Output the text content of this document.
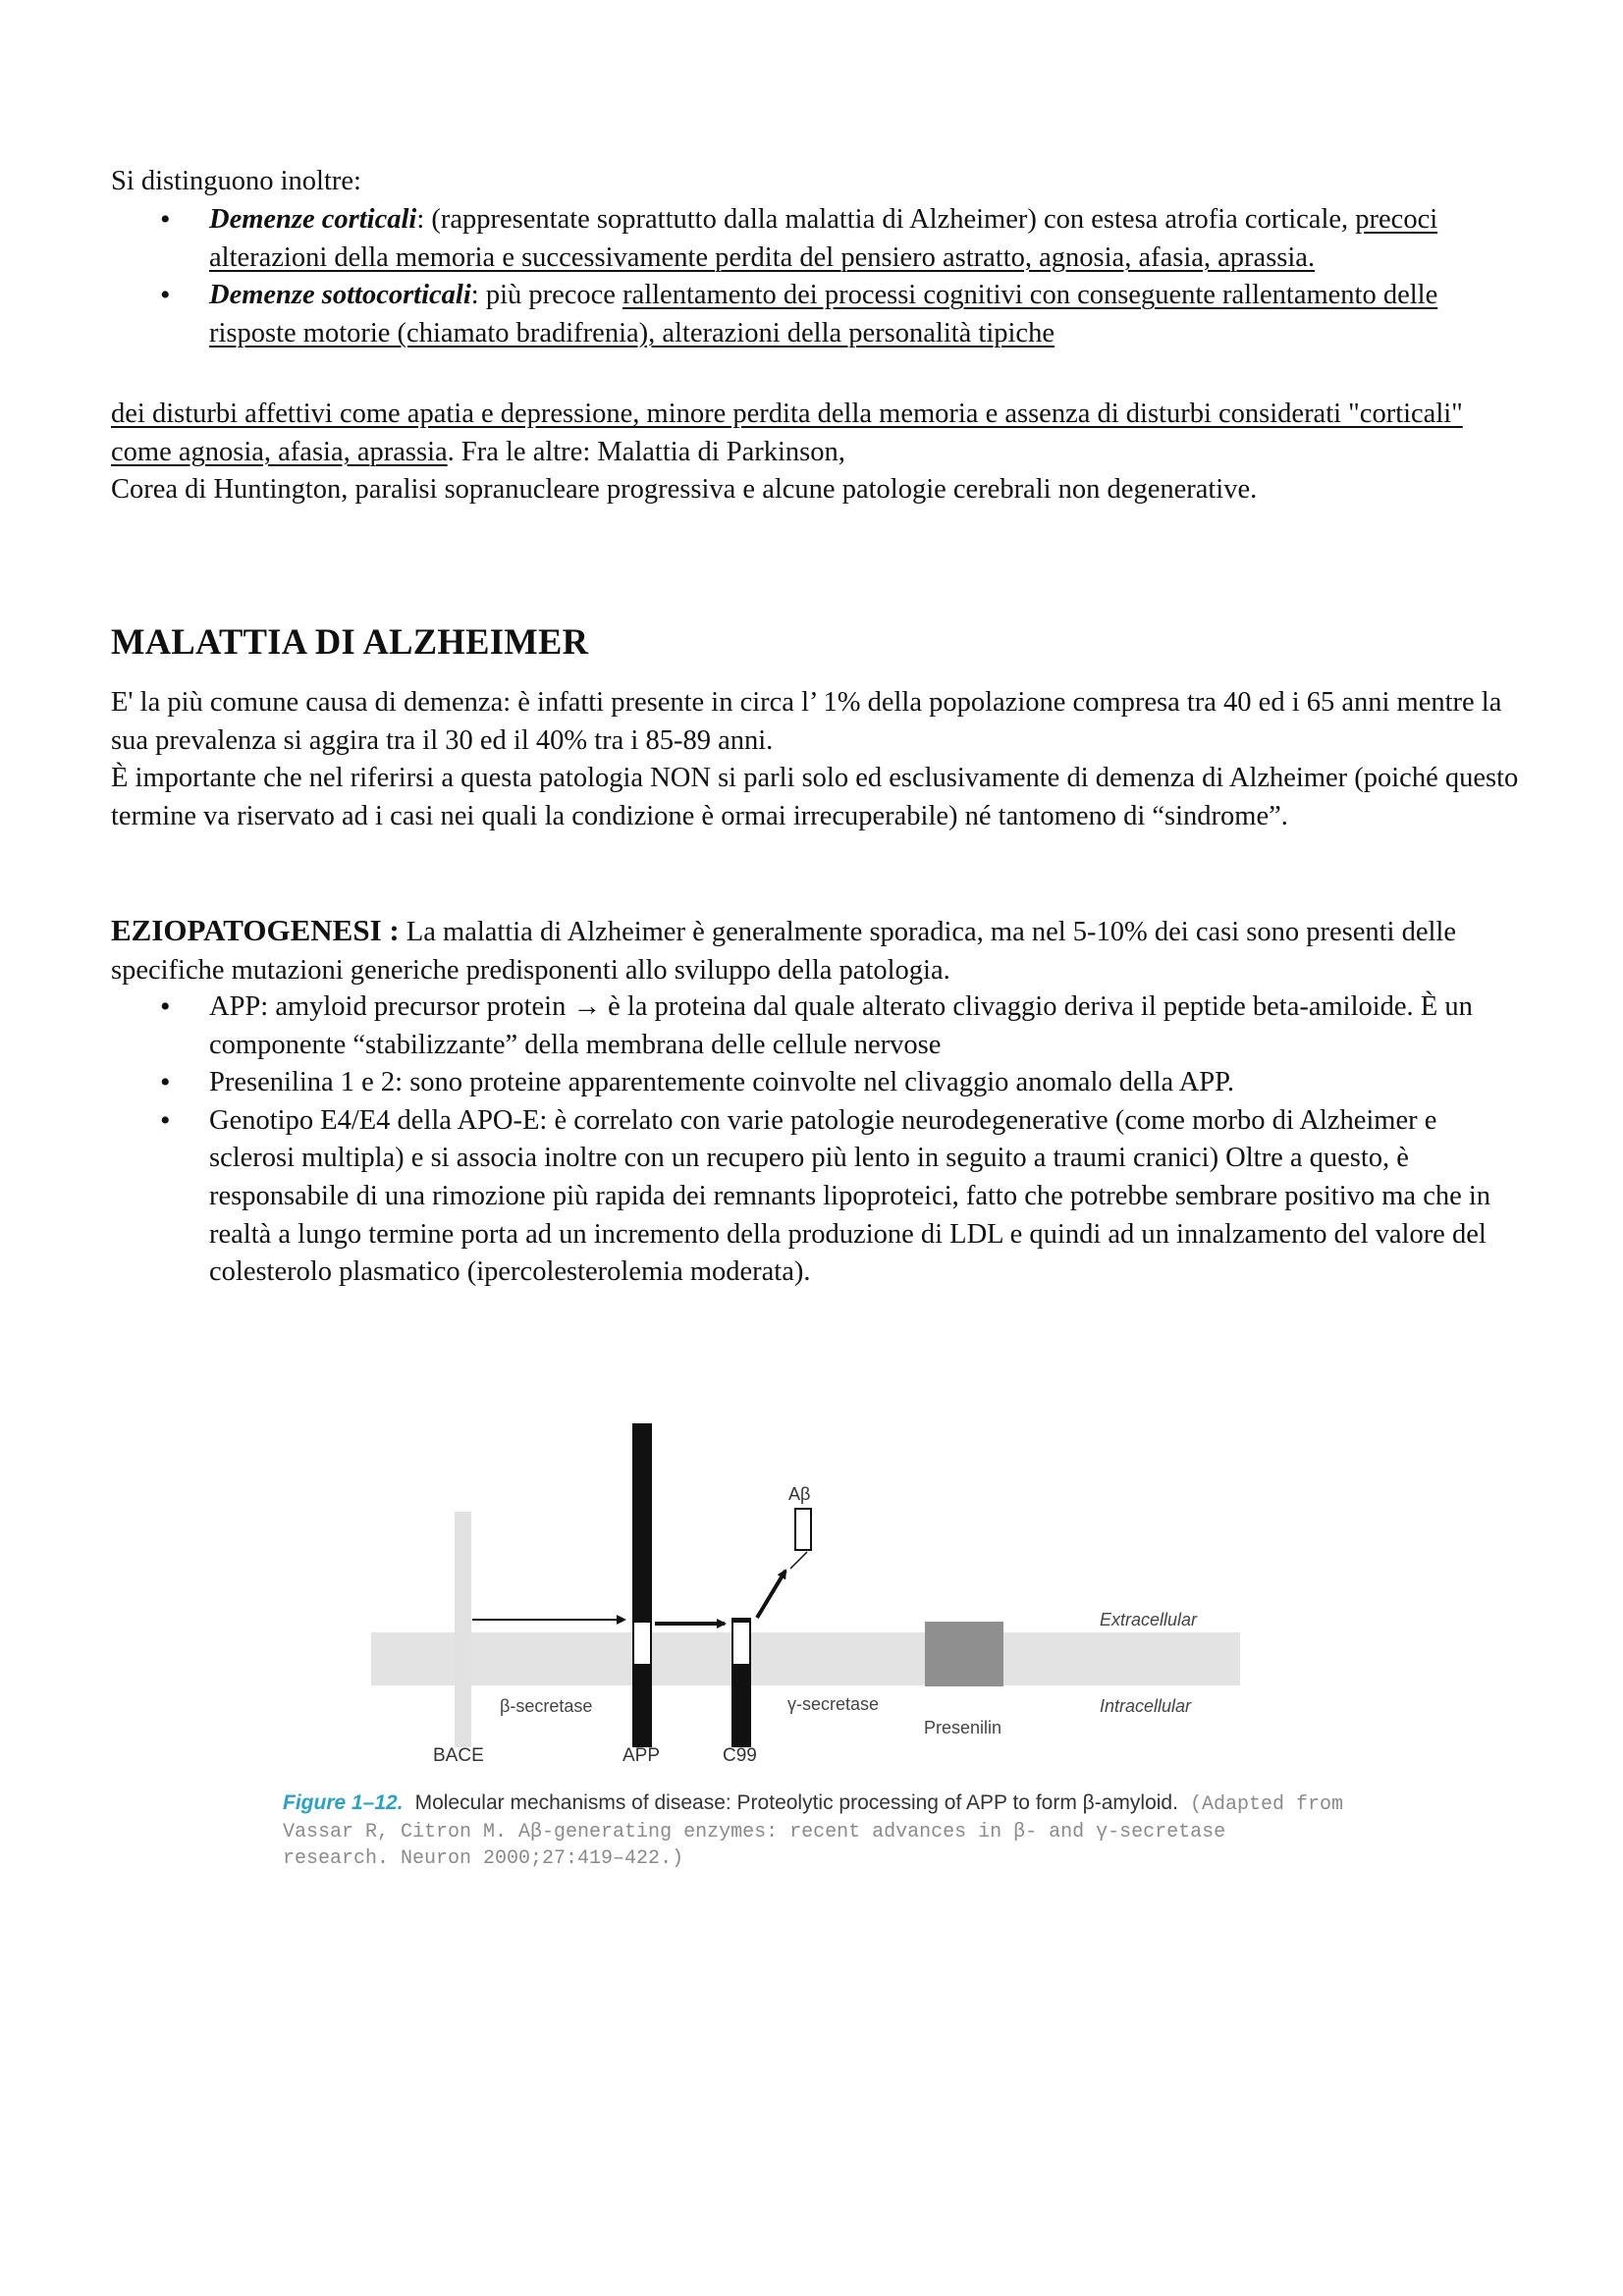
Si distinguono inoltre:
• Demenze corticali: (rappresentate soprattutto dalla malattia di Alzheimer) con estesa atrofia corticale, precoci alterazioni della memoria e successivamente perdita del pensiero astratto, agnosia, afasia, aprassia.
• Demenze sottocorticali: più precoce rallentamento dei processi cognitivi con conseguente rallentamento delle risposte motorie (chiamato bradifrenia), alterazioni della personalità tipiche
dei disturbi affettivi come apatia e depressione, minore perdita della memoria e assenza di disturbi considerati "corticali" come agnosia, afasia, aprassia. Fra le altre: Malattia di Parkinson,
Corea di Huntington, paralisi sopranucleare progressiva e alcune patologie cerebrali non degenerative.
MALATTIA DI ALZHEIMER
E' la più comune causa di demenza: è infatti presente in circa l’ 1% della popolazione compresa tra 40 ed i 65 anni mentre la sua prevalenza si aggira tra il 30 ed il 40% tra i 85-89 anni.
È importante che nel riferirsi a questa patologia NON si parli solo ed esclusivamente di demenza di Alzheimer (poiché questo termine va riservato ad i casi nei quali la condizione è ormai irrecuperabile) né tantomeno di “sindrome”.
EZIOPATOGENESI : La malattia di Alzheimer è generalmente sporadica, ma nel 5-10% dei casi sono presenti delle specifiche mutazioni generiche predisponenti allo sviluppo della patologia.
• APP: amyloid precursor protein → è la proteina dal quale alterato clivaggio deriva il peptide beta-amiloide. È un componente “stabilizzante” della membrana delle cellule nervose
• Presenilina 1 e 2: sono proteine apparentemente coinvolte nel clivaggio anomalo della APP.
• Genotipo E4/E4 della APO-E: è correlato con varie patologie neurodegenerative (come morbo di Alzheimer e sclerosi multipla) e si associa inoltre con un recupero più lento in seguito a traumi cranici) Oltre a questo, è responsabile di una rimozione più rapida dei remnants lipoproteici, fatto che potrebbe sembrare positivo ma che in realtà a lungo termine porta ad un incremento della produzione di LDL e quindi ad un innalzamento del valore del colesterolo plasmatico (ipercolesterolemia moderata).
Aβ
Extracellular
Intracellular
β-secretase	γ-secretase
Presenilin
BACE	APP	C99
Figure 1–12. Molecular mechanisms of disease: Proteolytic processing of APP to form β-amyloid. (Adapted from Vassar R, Citron M. Aβ-generating enzymes: recent advances in β- and γ-secretase research. Neuron 2000;27:419–422.)
